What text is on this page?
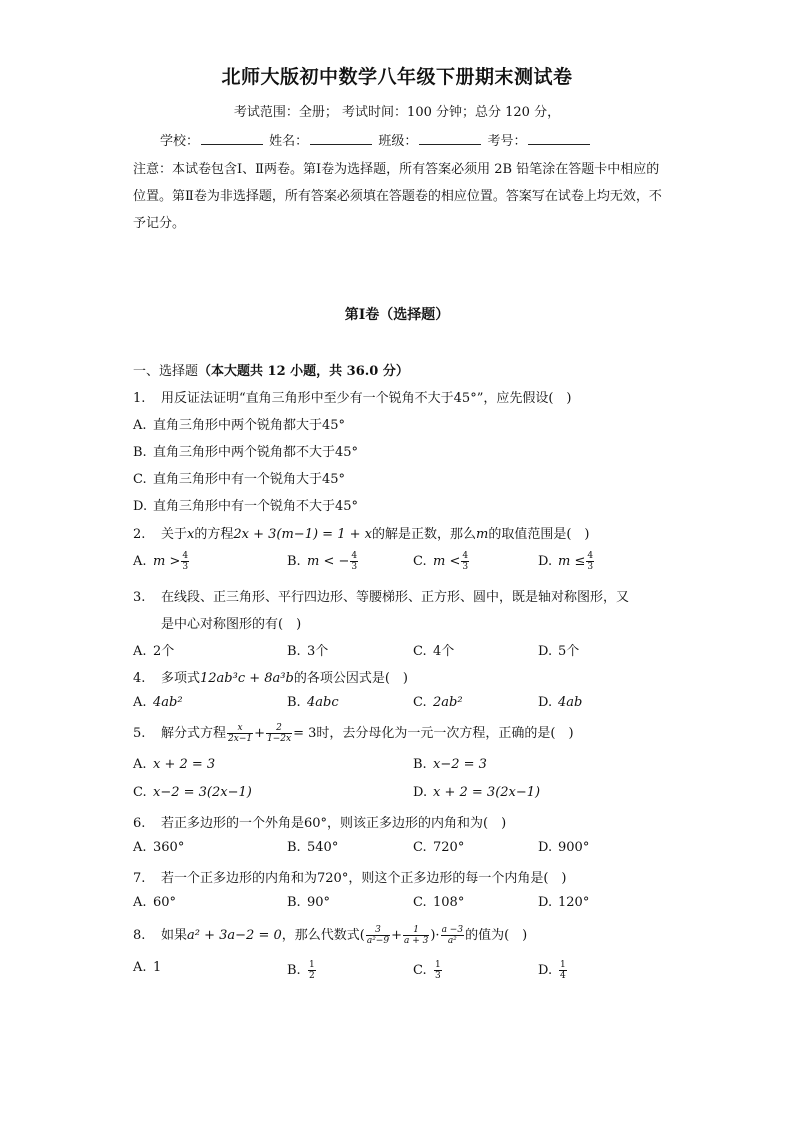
北师大版初中数学八年级下册期末测试卷
考试范围：全册； 考试时间：100 分钟；总分 120 分，
学校：	姓名：	班级：	考号：
注意：本试卷包含Ⅰ、Ⅱ两卷。第Ⅰ卷为选择题，所有答案必须用 2B 铅笔涂在答题卡中相应的位置。第Ⅱ卷为非选择题，所有答案必须填在答题卷的相应位置。答案写在试卷上均无效，不予记分。
第Ⅰ卷（选择题）
一、选择题（本大题共 12 小题，共 36.0 分）
1. 用反证法证明“直角三角形中至少有一个锐角不大于45°”，应先假设(　)
A. 直角三角形中两个锐角都大于45°
B. 直角三角形中两个锐角都不大于45°
C. 直角三角形中有一个锐角大于45°
D. 直角三角形中有一个锐角不大于45°
2. 关于x的方程2x + 3(m−1) = 1 + x的解是正数，那么m的取值范围是(　)
A. $m > \frac{4}{3}$	B. m < − $\frac{4}{3}$	C. $m < \frac{4}{3}$	D. $m \le \frac{4}{3}$
3. 在线段、正三角形、平行四边形、等腰梯形、正方形、圆中，既是轴对称图形，又
是中心对称图形的有(　)
A. 2个	B. 3个	C. 4个	D. 5个
4. 多项式12ab³c + 8a³b的各项公因式是(　)
A. 4ab²	B. 4abc	C. 2ab²	D. 4ab
5. 解分式方程 $\frac{x}{2x-1} + \frac{2}{1-2x} = 3$时，去分母化为一元一次方程，正确的是(　)
A. x + 2 = 3	B. x−2 = 3
C. x−2 = 3(2x−1)	D. x + 2 = 3(2x−1)
6. 若正多边形的一个外角是60°，则该正多边形的内角和为(　)
A. 360°	B. 540°	C. 720°	D. 900°
7. 若一个正多边形的内角和为720°，则这个正多边形的每一个内角是(　)
A. 60°	B. 90°	C. 108°	D. 120°
8. 如果a² + 3a−2 = 0，那么代数式( $\frac{3}{\text{a²−9}} + \frac{1}{a + 3}$ )· $\frac{a -3}{\text{a²}}$ 的值为(　)
A. 1	B. $\frac{1}{2}$	C. $\frac{1}{3}$	D. $\frac{1}{4}$
